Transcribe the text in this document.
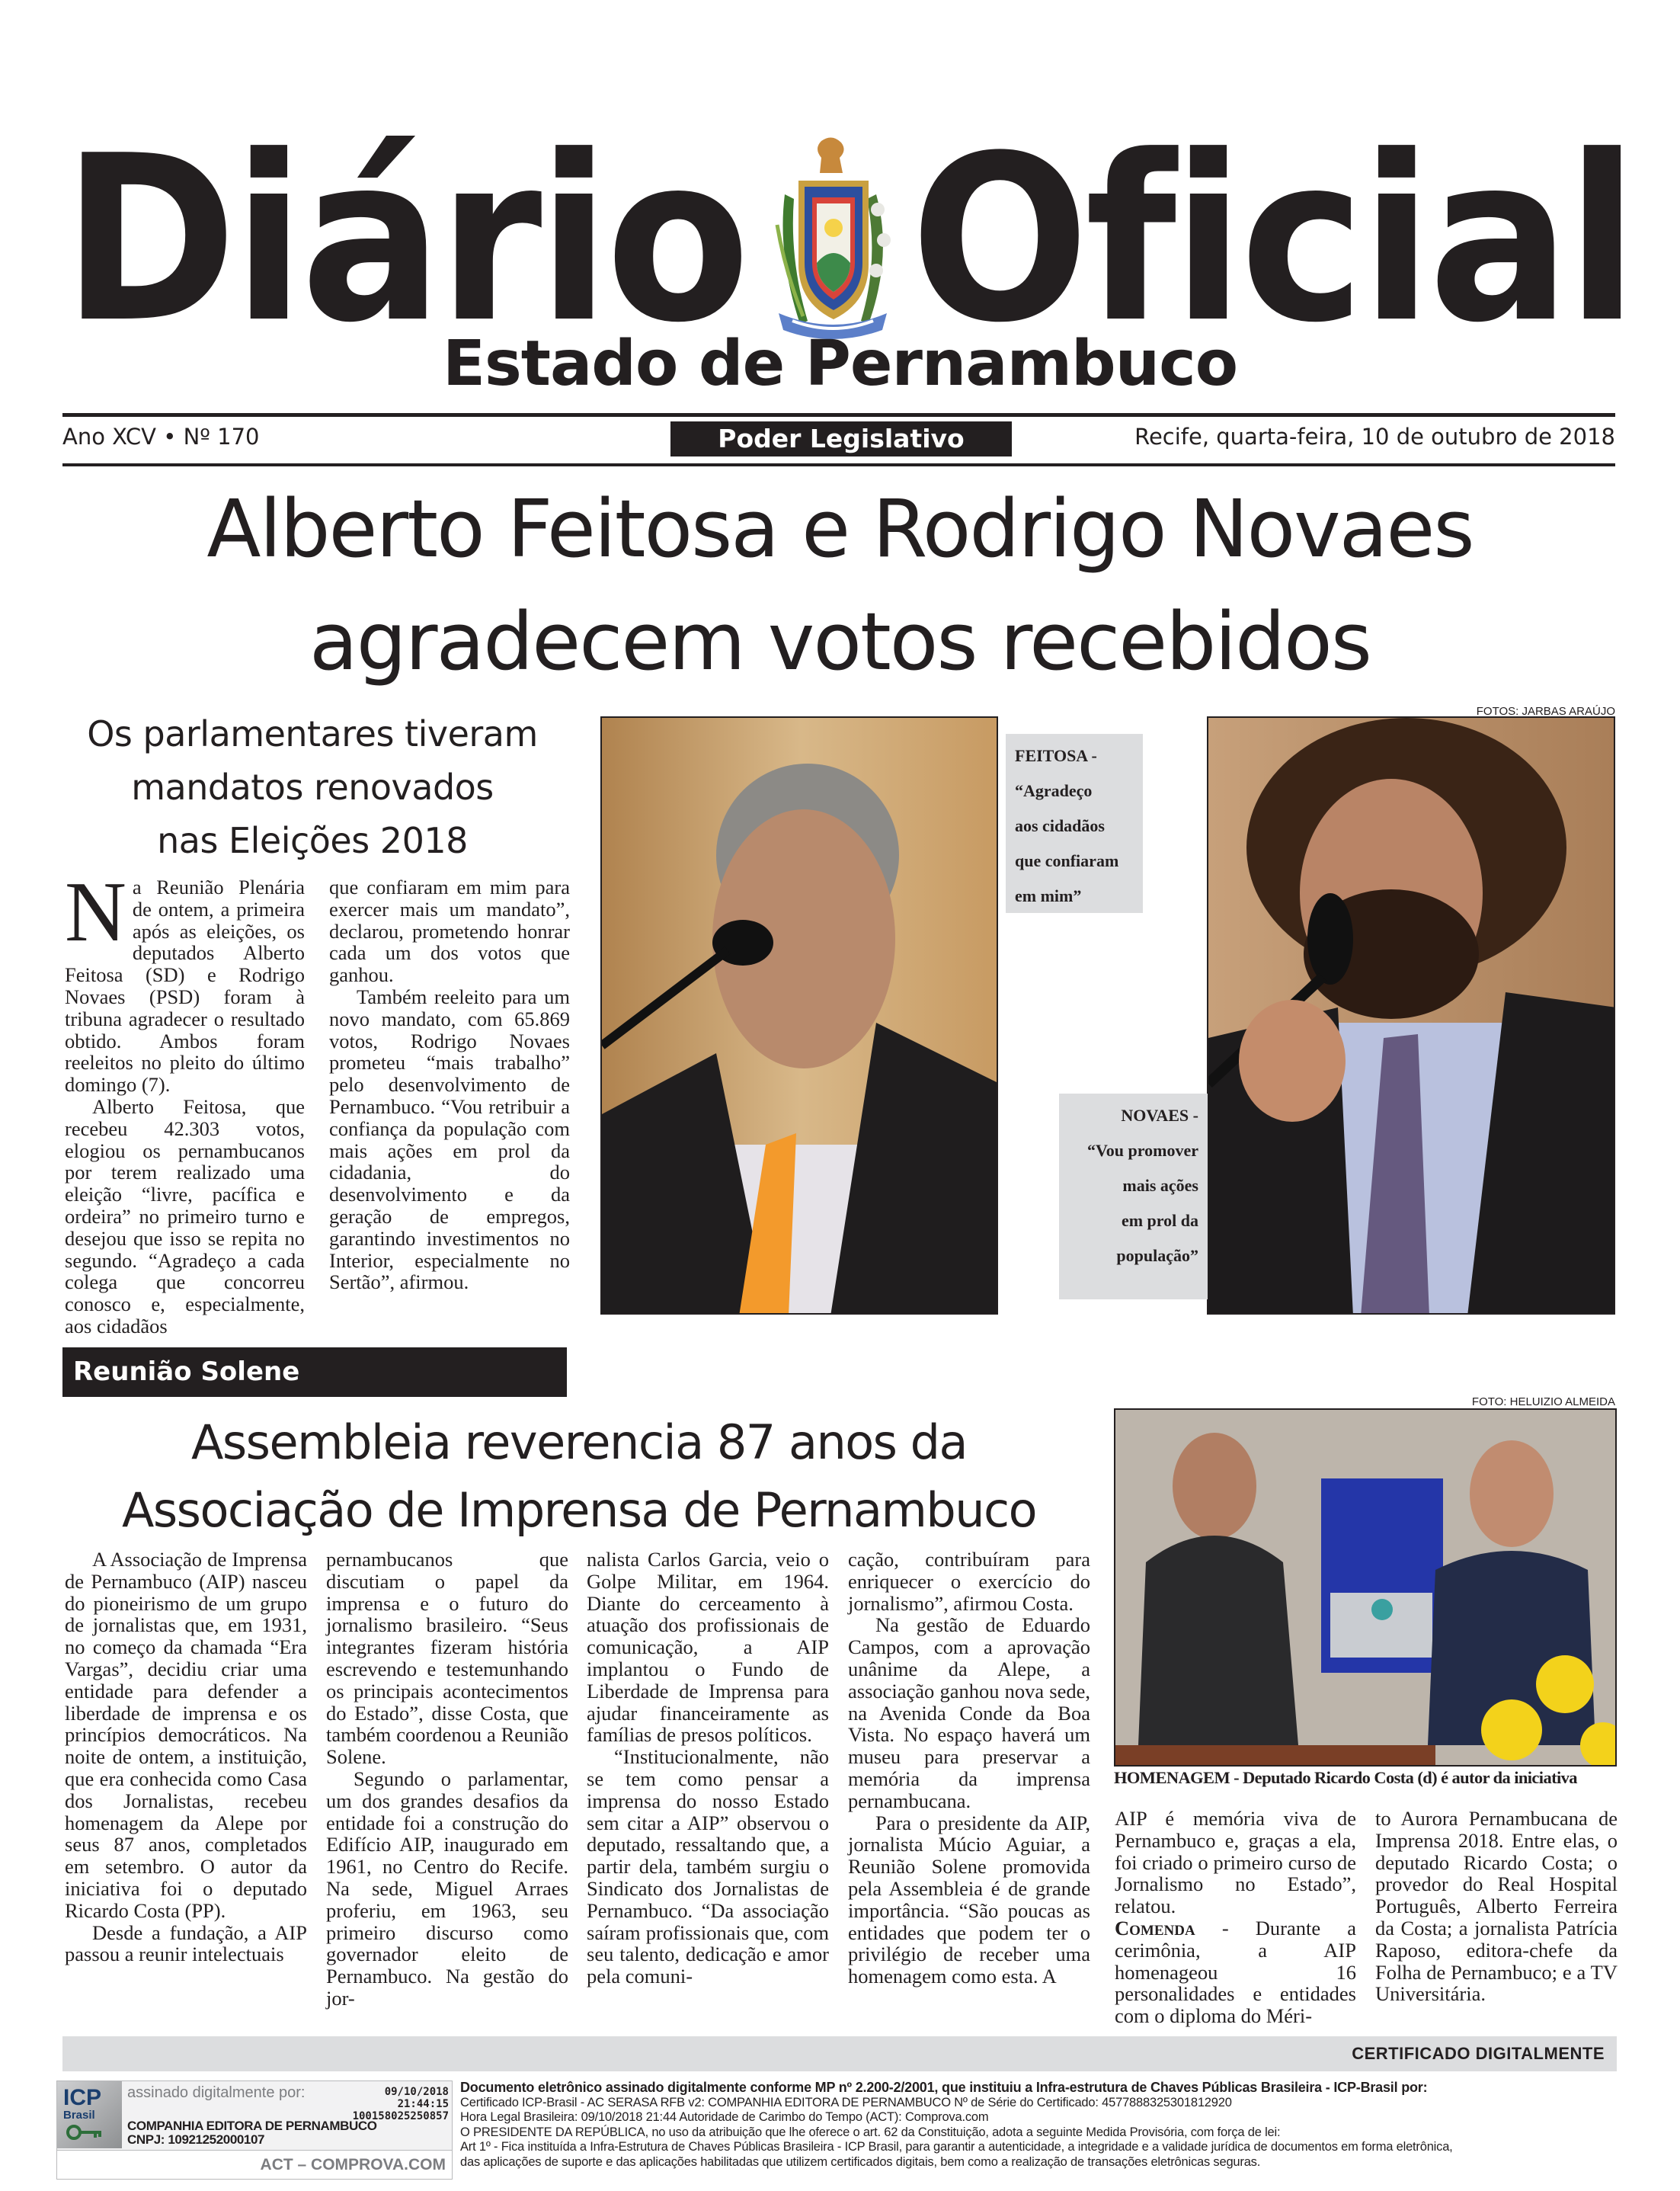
Diário Oficial
Estado de Pernambuco
Ano XCV • Nº 170	Poder Legislativo	Recife, quarta-feira, 10 de outubro de 2018
Alberto Feitosa e Rodrigo Novaes
agradecem votos recebidos
Os parlamentares tiveram
mandatos renovados
nas Eleições 2018

Na Reunião Plenária de ontem, a primeira após as eleições, os deputados Alberto Feitosa (SD) e Rodrigo Novaes (PSD) foram à tribuna agradecer o resultado obtido. Ambos foram reeleitos no pleito do último domingo (7).

Alberto Feitosa, que recebeu 42.303 votos, elogiou os pernambucanos por terem realizado uma eleição “livre, pacífica e ordeira” no primeiro turno e desejou que isso se repita no segundo. “Agradeço a cada colega que concorreu conosco e, especialmente, aos cidadãos

que confiaram em mim para exercer mais um mandato”, declarou, prometendo honrar cada um dos votos que ganhou.

Também reeleito para um novo mandato, com 65.869 votos, Rodrigo Novaes prometeu “mais trabalho” pelo desenvolvimento de Pernambuco. “Vou retribuir a confiança da população com mais ações em prol da cidadania, do desenvolvimento e da geração de empregos, garantindo investimentos no Interior, especialmente no Sertão”, afirmou.

FEITOSA -
“Agradeço
aos cidadãos
que confiaram
em mim”
FOTOS: JARBAS ARAÚJO
NOVAES -
“Vou promover
mais ações
em prol da
população”
Reunião Solene
Assembleia reverencia 87 anos da
Associação de Imprensa de Pernambuco
FOTO: HELUIZIO ALMEIDA
HOMENAGEM - Deputado Ricardo Costa (d) é autor da iniciativa

A Associação de Imprensa de Pernambuco (AIP) nasceu do pioneirismo de um grupo de jornalistas que, em 1931, no começo da chamada “Era Vargas”, decidiu criar uma entidade para defender a liberdade de imprensa e os princípios democráticos. Na noite de ontem, a instituição, que era conhecida como Casa dos Jornalistas, recebeu homenagem da Alepe por seus 87 anos, completados em setembro. O autor da iniciativa foi o deputado Ricardo Costa (PP).

Desde a fundação, a AIP passou a reunir intelectuais

pernambucanos que discutiam o papel da imprensa e o futuro do jornalismo brasileiro. “Seus integrantes fizeram história escrevendo e testemunhando os principais acontecimentos do Estado”, disse Costa, que também coordenou a Reunião Solene.

Segundo o parlamentar, um dos grandes desafios da entidade foi a construção do Edifício AIP, inaugurado em 1961, no Centro do Recife. Na sede, Miguel Arraes proferiu, em 1963, seu primeiro discurso como governador eleito de Pernambuco. Na gestão do jor-

nalista Carlos Garcia, veio o Golpe Militar, em 1964. Diante do cerceamento à atuação dos profissionais de comunicação, a AIP implantou o Fundo de Liberdade de Imprensa para ajudar financeiramente as famílias de presos políticos.

“Institucionalmente, não se tem como pensar a imprensa do nosso Estado sem citar a AIP” observou o deputado, ressaltando que, a partir dela, também surgiu o Sindicato dos Jornalistas de Pernambuco. “Da associação saíram profissionais que, com seu talento, dedicação e amor pela comuni-

cação, contribuíram para enriquecer o exercício do jornalismo”, afirmou Costa.

Na gestão de Eduardo Campos, com a aprovação unânime da Alepe, a associação ganhou nova sede, na Avenida Conde da Boa Vista. No espaço haverá um museu para preservar a memória da imprensa pernambucana.

Para o presidente da AIP, jornalista Múcio Aguiar, a Reunião Solene promovida pela Assembleia é de grande importância. “São poucas as entidades que podem ter o privilégio de receber uma homenagem como esta. A

AIP é memória viva de Pernambuco e, graças a ela, foi criado o primeiro curso de Jornalismo no Estado”, relatou.

Comenda - Durante a cerimônia, a AIP homenageou 16 personalidades e entidades com o diploma do Méri-

to Aurora Pernambucana de Imprensa 2018. Entre elas, o deputado Ricardo Costa; o provedor do Real Hospital Português, Alberto Ferreira da Costa; a jornalista Patrícia Raposo, editora-chefe da Folha de Pernambuco; e a TV Universitária.

CERTIFICADO DIGITALMENTE
ICP
Brasil
assinado digitalmente por:	09/10/2018
21:44:15
100158025250857
COMPANHIA EDITORA DE PERNAMBUCO
CNPJ: 10921252000107
ACT – COMPROVA.COM
Documento eletrônico assinado digitalmente conforme MP nº 2.200-2/2001, que instituiu a Infra-estrutura de Chaves Públicas Brasileira - ICP-Brasil por:
Certificado ICP-Brasil - AC SERASA RFB v2: COMPANHIA EDITORA DE PERNAMBUCO Nº de Série do Certificado: 4577888325301812920
Hora Legal Brasileira: 09/10/2018 21:44 Autoridade de Carimbo do Tempo (ACT): Comprova.com
O PRESIDENTE DA REPÚBLICA, no uso da atribuição que lhe oferece o art. 62 da Constituição, adota a seguinte Medida Provisória, com força de lei:
Art 1º - Fica instituída a Infra-Estrutura de Chaves Públicas Brasileira - ICP Brasil, para garantir a autenticidade, a integridade e a validade jurídica de documentos em forma eletrônica,
das aplicações de suporte e das aplicações habilitadas que utilizem certificados digitais, bem como a realização de transações eletrônicas seguras.
